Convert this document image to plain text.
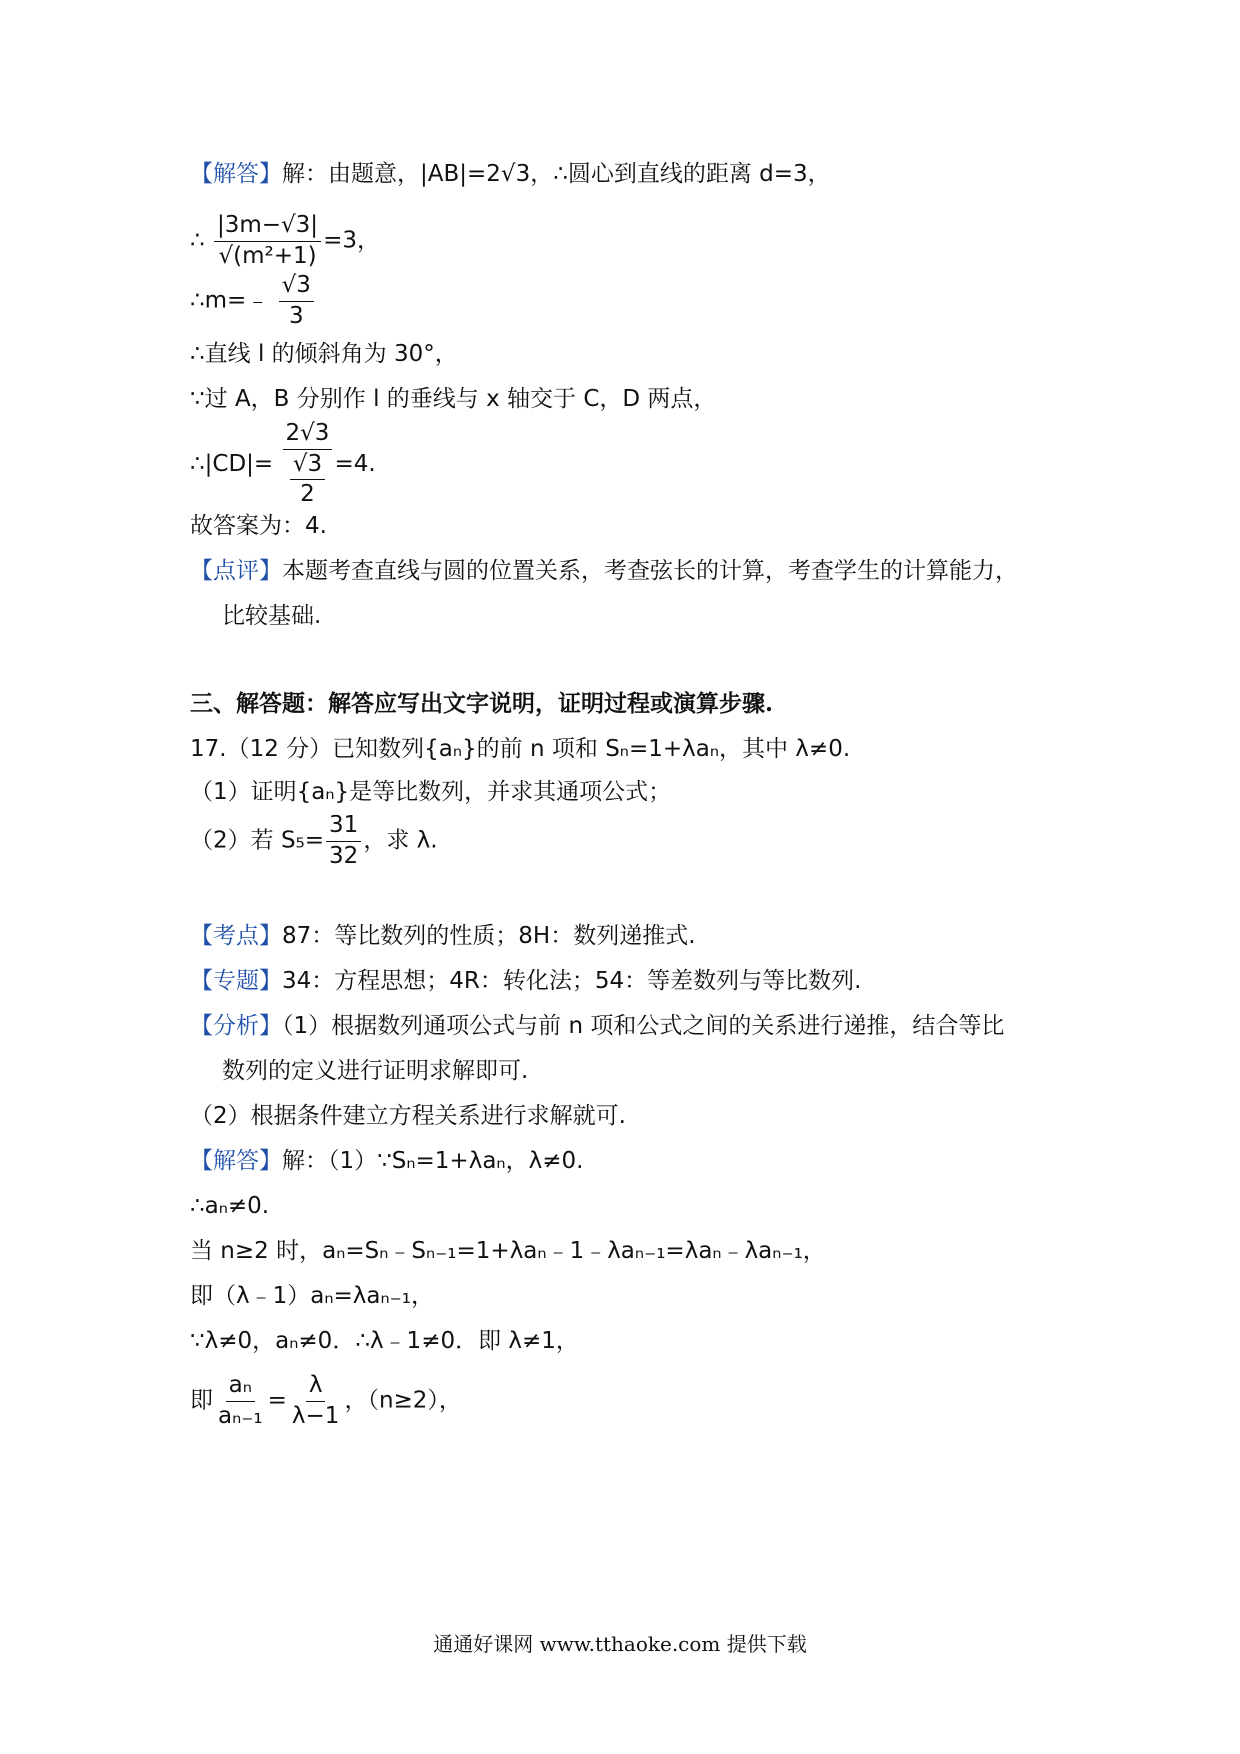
【解答】解：由题意，|AB|=2√3，∴圆心到直线的距离 d=3，
∴ $\frac{|3m-√3|}{\text{√(m²+1)}} =3$，
∴m=﹣ $\frac{√3}{3}$
∴直线 l 的倾斜角为 30°，
∵过 A，B 分别作 l 的垂线与 x 轴交于 C，D 两点，
∴|CD|= $\frac{2√3}{\frac{√3}{2}} =4$.
故答案为：4.
【点评】本题考查直线与圆的位置关系，考查弦长的计算，考查学生的计算能力，
比较基础.
三、解答题：解答应写出文字说明，证明过程或演算步骤.
17.（12 分）已知数列{aₙ}的前 n 项和 Sₙ=1+λaₙ，其中 λ≠0.
（1）证明{aₙ}是等比数列，并求其通项公式；
（2）若 $S_5= \frac{31}{32}$ ，求 λ.
【考点】87：等比数列的性质；8H：数列递推式.
【专题】34：方程思想；4R：转化法；54：等差数列与等比数列.
【分析】（1）根据数列通项公式与前 n 项和公式之间的关系进行递推，结合等比
数列的定义进行证明求解即可.
（2）根据条件建立方程关系进行求解就可.
【解答】解：（1）∵Sₙ=1+λaₙ，λ≠0.
∴aₙ≠0.
当 n≥2 时，aₙ=Sₙ﹣Sₙ₋₁=1+λaₙ﹣1﹣λaₙ₋₁=λaₙ﹣λaₙ₋₁，
即（λ﹣1）aₙ=λaₙ₋₁，
∵λ≠0，aₙ≠0．∴λ﹣1≠0．即 λ≠1，
即 $\frac{\text{aₙ}}{\text{aₙ₋₁}} = \frac{\lambda}{\lambda-1}$ ，（n≥2），
通通好课网 www.tthaoke.com 提供下载
